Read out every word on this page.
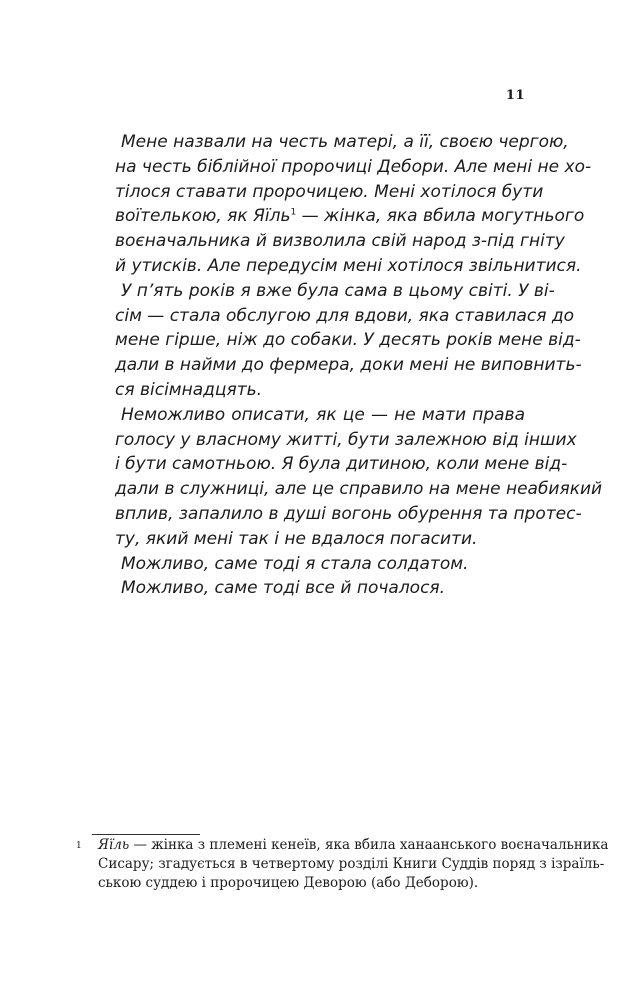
11
Мене назвали на честь матері, а її, своєю чергою,
на честь біблійної пророчиці Дебори. Але мені не хо-
тілося ставати пророчицею. Мені хотілося бути
воїтелькою, як Яїль$^1$ — жінка, яка вбила могутнього
воєначальника й визволила свій народ з-під гніту
й утисків. Але передусім мені хотілося звільнитися.
У п’ять років я вже була сама в цьому світі. У ві-
сім — стала обслугою для вдови, яка ставилася до
мене гірше, ніж до собаки. У десять років мене від-
дали в найми до фермера, доки мені не виповнить-
ся вісімнадцять.
Неможливо описати, як це — не мати права
голосу у власному житті, бути залежною від інших
і бути самотньою. Я була дитиною, коли мене від-
дали в служниці, але це справило на мене неабиякий
вплив, запалило в душі вогонь обурення та протес-
ту, який мені так і не вдалося погасити.
Можливо, саме тоді я стала солдатом.
Можливо, саме тоді все й почалося.
1 Яїль — жінка з племені кенеїв, яка вбила ханаанського воєначальника
Сисару; згадується в четвертому розділі Книги Суддів поряд з ізраїль-
ською суддею і пророчицею Деворою (або Деборою).
